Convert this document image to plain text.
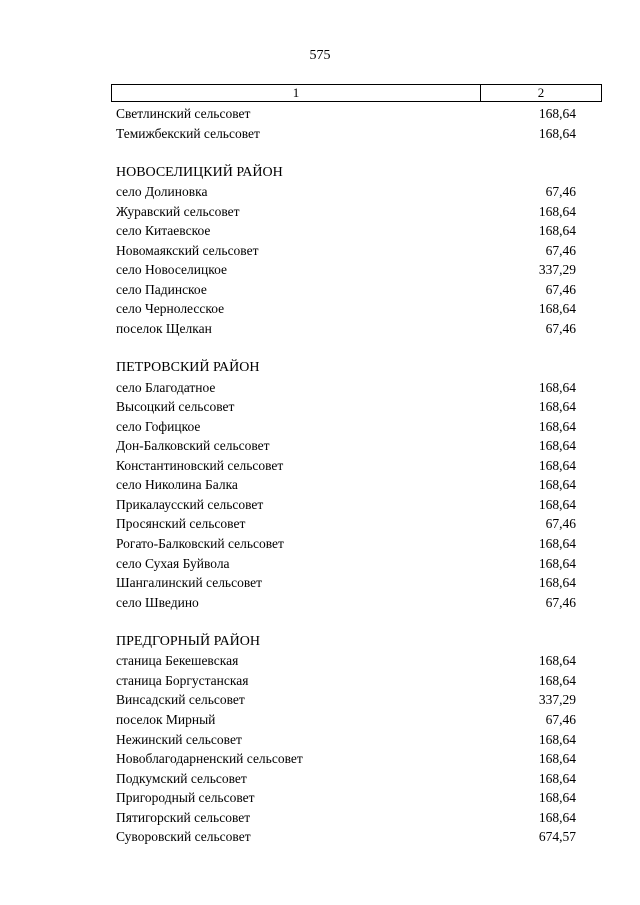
575
1	2
Светлинский сельсовет	168,64
Темижбекский сельсовет	168,64
НОВОСЕЛИЦКИЙ РАЙОН
село Долиновка	67,46
Журавский сельсовет	168,64
село Китаевское	168,64
Новомаякский сельсовет	67,46
село Новоселицкое	337,29
село Падинское	67,46
село Чернолесское	168,64
поселок Щелкан	67,46
ПЕТРОВСКИЙ РАЙОН
село Благодатное	168,64
Высоцкий сельсовет	168,64
село Гофицкое	168,64
Дон-Балковский сельсовет	168,64
Константиновский сельсовет	168,64
село Николина Балка	168,64
Прикалаусский сельсовет	168,64
Просянский сельсовет	67,46
Рогато-Балковский сельсовет	168,64
село Сухая Буйвола	168,64
Шангалинский сельсовет	168,64
село Шведино	67,46
ПРЕДГОРНЫЙ РАЙОН
станица Бекешевская	168,64
станица Боргустанская	168,64
Винсадский сельсовет	337,29
поселок Мирный	67,46
Нежинский сельсовет	168,64
Новоблагодарненский сельсовет	168,64
Подкумский сельсовет	168,64
Пригородный сельсовет	168,64
Пятигорский сельсовет	168,64
Суворовский сельсовет	674,57
